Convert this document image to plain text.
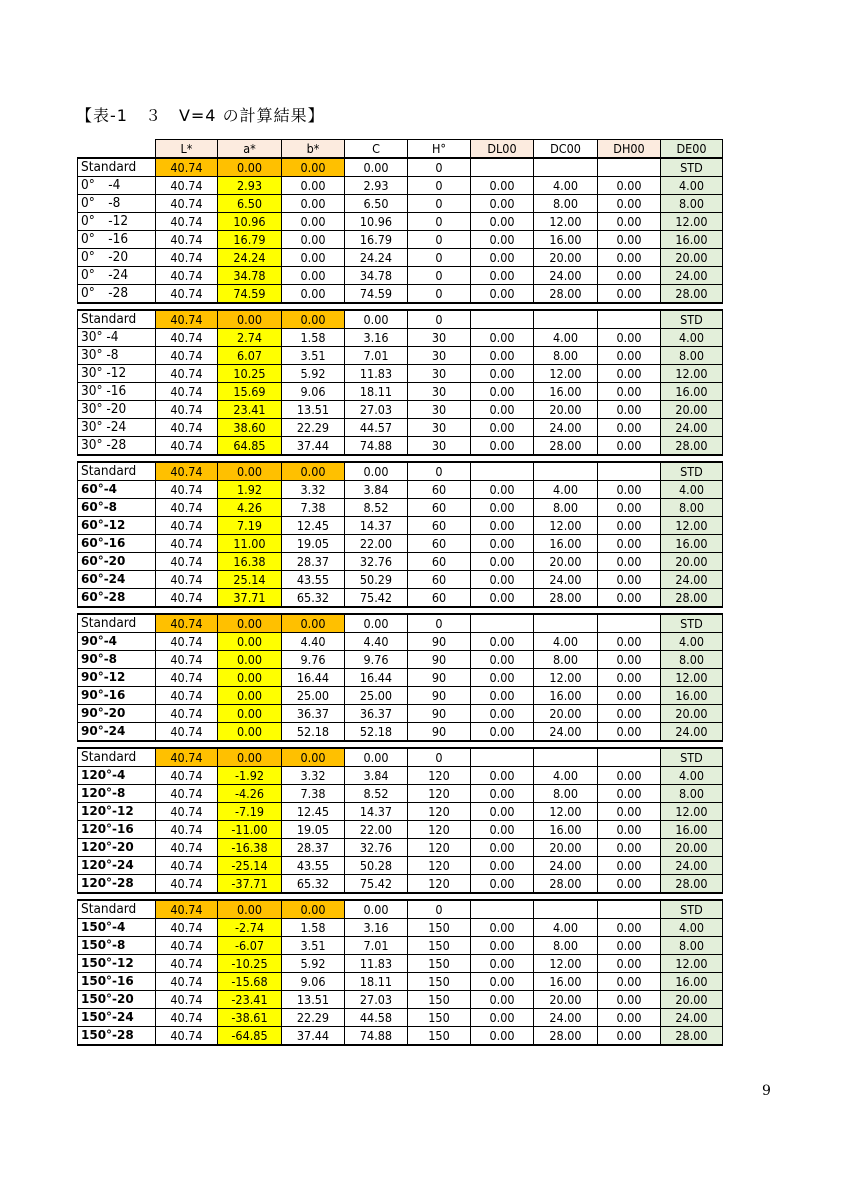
【表-1　３　V=4 の計算結果】
	L*	a*	b*	C	H°	DL00	DC00	DH00	DE00
Standard	40.74	0.00	0.00	0.00	0				STD
0°　-4	40.74	2.93	0.00	2.93	0	0.00	4.00	0.00	4.00
0°　-8	40.74	6.50	0.00	6.50	0	0.00	8.00	0.00	8.00
0°　-12	40.74	10.96	0.00	10.96	0	0.00	12.00	0.00	12.00
0°　-16	40.74	16.79	0.00	16.79	0	0.00	16.00	0.00	16.00
0°　-20	40.74	24.24	0.00	24.24	0	0.00	20.00	0.00	20.00
0°　-24	40.74	34.78	0.00	34.78	0	0.00	24.00	0.00	24.00
0°　-28	40.74	74.59	0.00	74.59	0	0.00	28.00	0.00	28.00

Standard	40.74	0.00	0.00	0.00	0				STD
30° -4	40.74	2.74	1.58	3.16	30	0.00	4.00	0.00	4.00
30° -8	40.74	6.07	3.51	7.01	30	0.00	8.00	0.00	8.00
30° -12	40.74	10.25	5.92	11.83	30	0.00	12.00	0.00	12.00
30° -16	40.74	15.69	9.06	18.11	30	0.00	16.00	0.00	16.00
30° -20	40.74	23.41	13.51	27.03	30	0.00	20.00	0.00	20.00
30° -24	40.74	38.60	22.29	44.57	30	0.00	24.00	0.00	24.00
30° -28	40.74	64.85	37.44	74.88	30	0.00	28.00	0.00	28.00

Standard	40.74	0.00	0.00	0.00	0				STD
60°-4	40.74	1.92	3.32	3.84	60	0.00	4.00	0.00	4.00
60°-8	40.74	4.26	7.38	8.52	60	0.00	8.00	0.00	8.00
60°-12	40.74	7.19	12.45	14.37	60	0.00	12.00	0.00	12.00
60°-16	40.74	11.00	19.05	22.00	60	0.00	16.00	0.00	16.00
60°-20	40.74	16.38	28.37	32.76	60	0.00	20.00	0.00	20.00
60°-24	40.74	25.14	43.55	50.29	60	0.00	24.00	0.00	24.00
60°-28	40.74	37.71	65.32	75.42	60	0.00	28.00	0.00	28.00

Standard	40.74	0.00	0.00	0.00	0				STD
90°-4	40.74	0.00	4.40	4.40	90	0.00	4.00	0.00	4.00
90°-8	40.74	0.00	9.76	9.76	90	0.00	8.00	0.00	8.00
90°-12	40.74	0.00	16.44	16.44	90	0.00	12.00	0.00	12.00
90°-16	40.74	0.00	25.00	25.00	90	0.00	16.00	0.00	16.00
90°-20	40.74	0.00	36.37	36.37	90	0.00	20.00	0.00	20.00
90°-24	40.74	0.00	52.18	52.18	90	0.00	24.00	0.00	24.00

Standard	40.74	0.00	0.00	0.00	0				STD
120°-4	40.74	-1.92	3.32	3.84	120	0.00	4.00	0.00	4.00
120°-8	40.74	-4.26	7.38	8.52	120	0.00	8.00	0.00	8.00
120°-12	40.74	-7.19	12.45	14.37	120	0.00	12.00	0.00	12.00
120°-16	40.74	-11.00	19.05	22.00	120	0.00	16.00	0.00	16.00
120°-20	40.74	-16.38	28.37	32.76	120	0.00	20.00	0.00	20.00
120°-24	40.74	-25.14	43.55	50.28	120	0.00	24.00	0.00	24.00
120°-28	40.74	-37.71	65.32	75.42	120	0.00	28.00	0.00	28.00

Standard	40.74	0.00	0.00	0.00	0				STD
150°-4	40.74	-2.74	1.58	3.16	150	0.00	4.00	0.00	4.00
150°-8	40.74	-6.07	3.51	7.01	150	0.00	8.00	0.00	8.00
150°-12	40.74	-10.25	5.92	11.83	150	0.00	12.00	0.00	12.00
150°-16	40.74	-15.68	9.06	18.11	150	0.00	16.00	0.00	16.00
150°-20	40.74	-23.41	13.51	27.03	150	0.00	20.00	0.00	20.00
150°-24	40.74	-38.61	22.29	44.58	150	0.00	24.00	0.00	24.00
150°-28	40.74	-64.85	37.44	74.88	150	0.00	28.00	0.00	28.00
9
